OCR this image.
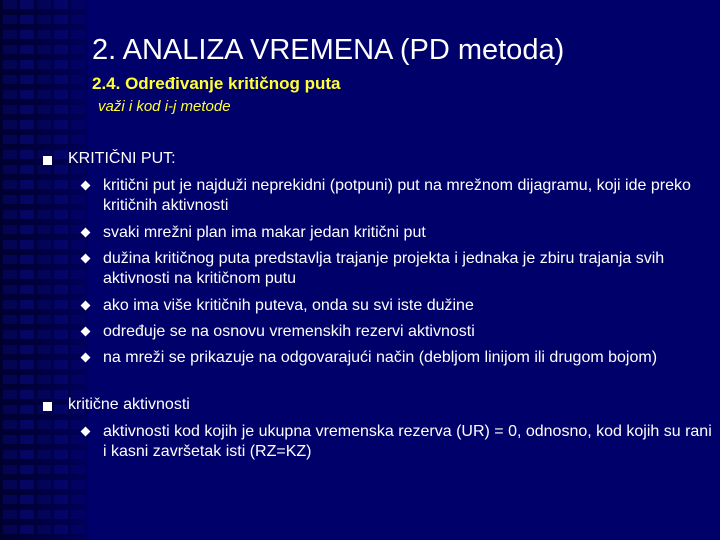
2. ANALIZA VREMENA (PD metoda)
2.4. Određivanje kritičnog puta
važi i kod i-j metode
KRITIČNI PUT:
kritični put je najduži neprekidni (potpuni) put na mrežnom dijagramu, koji ide preko kritičnih aktivnosti
svaki mrežni plan ima makar jedan kritični put
dužina kritičnog puta predstavlja trajanje projekta i jednaka je zbiru trajanja svih aktivnosti na kritičnom putu
ako ima više kritičnih puteva, onda su svi iste dužine
određuje se na osnovu vremenskih rezervi aktivnosti
na mreži se prikazuje na odgovarajući način (debljom linijom ili drugom bojom)
kritične aktivnosti
aktivnosti kod kojih je ukupna vremenska rezerva (UR) = 0, odnosno, kod kojih su rani i kasni završetak isti (RZ=KZ)
